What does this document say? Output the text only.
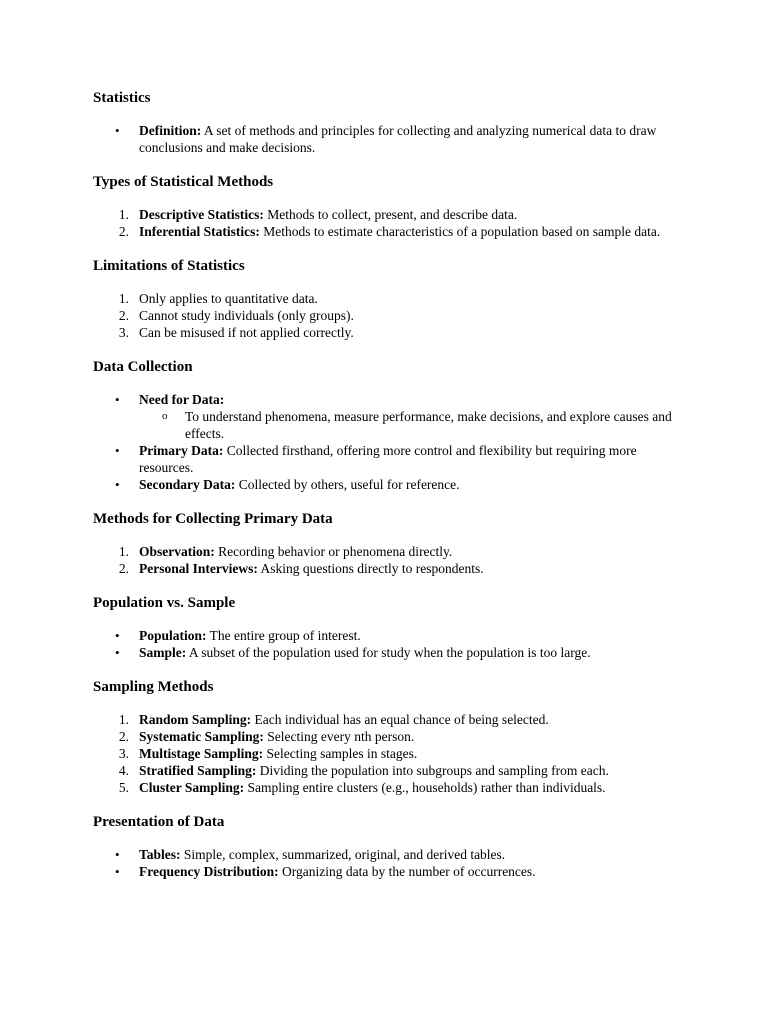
Statistics
• Definition: A set of methods and principles for collecting and analyzing numerical data to draw conclusions and make decisions.
Types of Statistical Methods
1. Descriptive Statistics: Methods to collect, present, and describe data.
2. Inferential Statistics: Methods to estimate characteristics of a population based on sample data.
Limitations of Statistics
1. Only applies to quantitative data.
2. Cannot study individuals (only groups).
3. Can be misused if not applied correctly.
Data Collection
• Need for Data:
o To understand phenomena, measure performance, make decisions, and explore causes and effects.
• Primary Data: Collected firsthand, offering more control and flexibility but requiring more resources.
• Secondary Data: Collected by others, useful for reference.
Methods for Collecting Primary Data
1. Observation: Recording behavior or phenomena directly.
2. Personal Interviews: Asking questions directly to respondents.
Population vs. Sample
• Population: The entire group of interest.
• Sample: A subset of the population used for study when the population is too large.
Sampling Methods
1. Random Sampling: Each individual has an equal chance of being selected.
2. Systematic Sampling: Selecting every nth person.
3. Multistage Sampling: Selecting samples in stages.
4. Stratified Sampling: Dividing the population into subgroups and sampling from each.
5. Cluster Sampling: Sampling entire clusters (e.g., households) rather than individuals.
Presentation of Data
• Tables: Simple, complex, summarized, original, and derived tables.
• Frequency Distribution: Organizing data by the number of occurrences.
